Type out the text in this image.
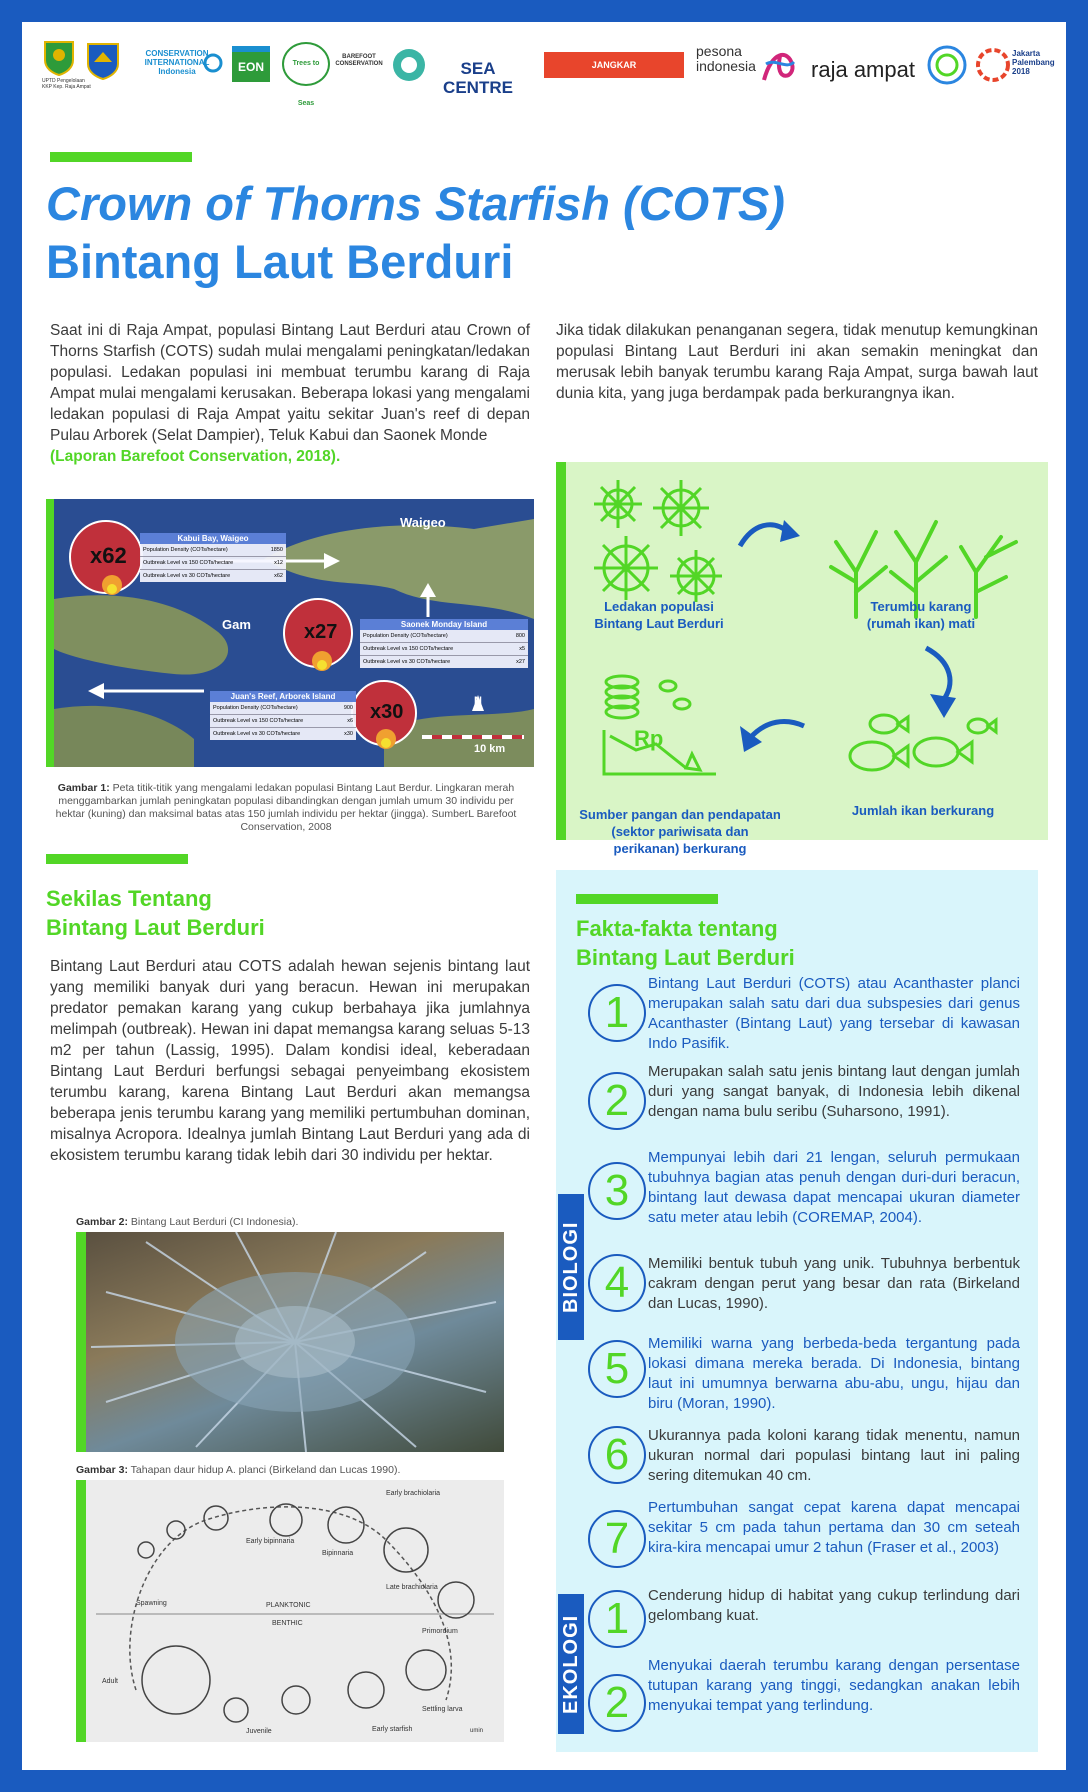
UPTD Pengelolaan
KKP Kep. Raja Ampat
CONSERVATION
INTERNATIONAL
Indonesia	EON	Trees to Seas
BAREFOOT
CONSERVATION	SEA CENTRE
JANGKAR
pesona
indonesia	raja ampat
Jakarta
Palembang
2018
Crown of Thorns Starfish (COTS)
Bintang Laut Berduri
Saat ini di Raja Ampat, populasi Bintang Laut Berduri atau Crown of Thorns Starfish (COTS) sudah mulai mengalami peningkatan/ledakan populasi. Ledakan populasi ini membuat terumbu karang di Raja Ampat mulai mengalami kerusakan. Beberapa lokasi yang mengalami ledakan populasi di Raja Ampat yaitu sekitar Juan's reef di depan Pulau Arborek (Selat Dampier), Teluk Kabui dan Saonek Monde
(Laporan Barefoot Conservation, 2018).
Jika tidak dilakukan penanganan segera, tidak menutup kemungkinan populasi Bintang Laut Berduri ini akan semakin meningkat dan merusak lebih banyak terumbu karang Raja Ampat, surga bawah laut dunia kita, yang juga berdampak pada berkurangnya ikan.
x62
x27
x30
Waigeo
Gam
N
10 km
Kabui Bay, Waigeo
Population Density (COTs/hectare)	1850
Outbreak Level vs 150 COTs/hectare	x12
Outbreak Level vs 30 COTs/hectare	x62
Saonek Monday Island
Population Density (COTs/hectare)	800
Outbreak Level vs 150 COTs/hectare	x5
Outbreak Level vs 30 COTs/hectare	x27
Juan's Reef, Arborek Island
Population Density (COTs/hectare)	900
Outbreak Level vs 150 COTs/hectare	x6
Outbreak Level vs 30 COTs/hectare	x30
Gambar 1: Peta titik-titik yang mengalami ledakan populasi Bintang Laut Berdur. Lingkaran merah menggambarkan jumlah peningkatan populasi dibandingkan dengan jumlah umum 30 individu per hektar (kuning) dan maksimal batas atas 150 jumlah individu per hektar (jingga). SumberL Barefoot Conservation, 2008
Ledakan populasi
Bintang Laut Berduri
Terumbu karang
(rumah ikan) mati
Jumlah ikan berkurang
Rp
Sumber pangan dan pendapatan
(sektor pariwisata dan
perikanan) berkurang
Sekilas Tentang
Bintang Laut Berduri
Bintang Laut Berduri atau COTS adalah hewan sejenis bintang laut yang memiliki banyak duri yang beracun. Hewan ini merupakan predator pemakan karang yang cukup berbahaya jika jumlahnya melimpah (outbreak). Hewan ini dapat memangsa karang seluas 5-13 m2 per tahun (Lassig, 1995). Dalam kondisi ideal, keberadaan Bintang Laut Berduri berfungsi sebagai penyeimbang ekosistem terumbu karang, karena Bintang Laut Berduri akan memangsa beberapa jenis terumbu karang yang memiliki pertumbuhan dominan, misalnya Acropora. Idealnya jumlah Bintang Laut Berduri yang ada di ekosistem terumbu karang tidak lebih dari 30 individu per hektar.
Gambar 2: Bintang Laut Berduri (CI Indonesia).
Gambar 3: Tahapan daur hidup A. planci (Birkeland dan Lucas 1990).
Early brachiolaria
Early bipinnaria
Bipinnaria
Late brachiolaria
PLANKTONIC
Spawning
BENTHIC
Primordium
Adult
Juvenile	Early starfish
Settling larva
umin
Fakta-fakta tentang
Bintang Laut Berduri
BIOLOGI
EKOLOGI
1
Bintang Laut Berduri (COTS) atau Acanthaster planci merupakan salah satu dari dua subspesies dari genus Acanthaster (Bintang Laut) yang tersebar di kawasan Indo Pasifik.
2
Merupakan salah satu jenis bintang laut dengan jumlah duri yang sangat banyak, di Indonesia lebih dikenal dengan nama bulu seribu (Suharsono, 1991).
3
Mempunyai lebih dari 21 lengan, seluruh permukaan tubuhnya bagian atas penuh dengan duri-duri beracun, bintang laut dewasa dapat mencapai ukuran diameter satu meter atau lebih (COREMAP, 2004).
4	Memiliki bentuk tubuh yang unik. Tubuhnya berbentuk cakram dengan perut yang besar dan rata (Birkeland dan Lucas, 1990).
5
Memiliki warna yang berbeda-beda tergantung pada lokasi dimana mereka berada. Di Indonesia, bintang laut ini umumnya berwarna abu-abu, ungu, hijau dan biru (Moran, 1990).
6	Ukurannya pada koloni karang tidak menentu, namun ukuran normal dari populasi bintang laut ini paling sering ditemukan 40 cm.
7
Pertumbuhan sangat cepat karena dapat mencapai sekitar 5 cm pada tahun pertama dan 30 cm seteah kira-kira mencapai umur 2 tahun (Fraser et al., 2003)
1	Cenderung hidup di habitat yang cukup terlindung dari gelombang kuat.
2
Menyukai daerah terumbu karang dengan persentase tutupan karang yang tinggi, sedangkan anakan lebih menyukai tempat yang terlindung.
